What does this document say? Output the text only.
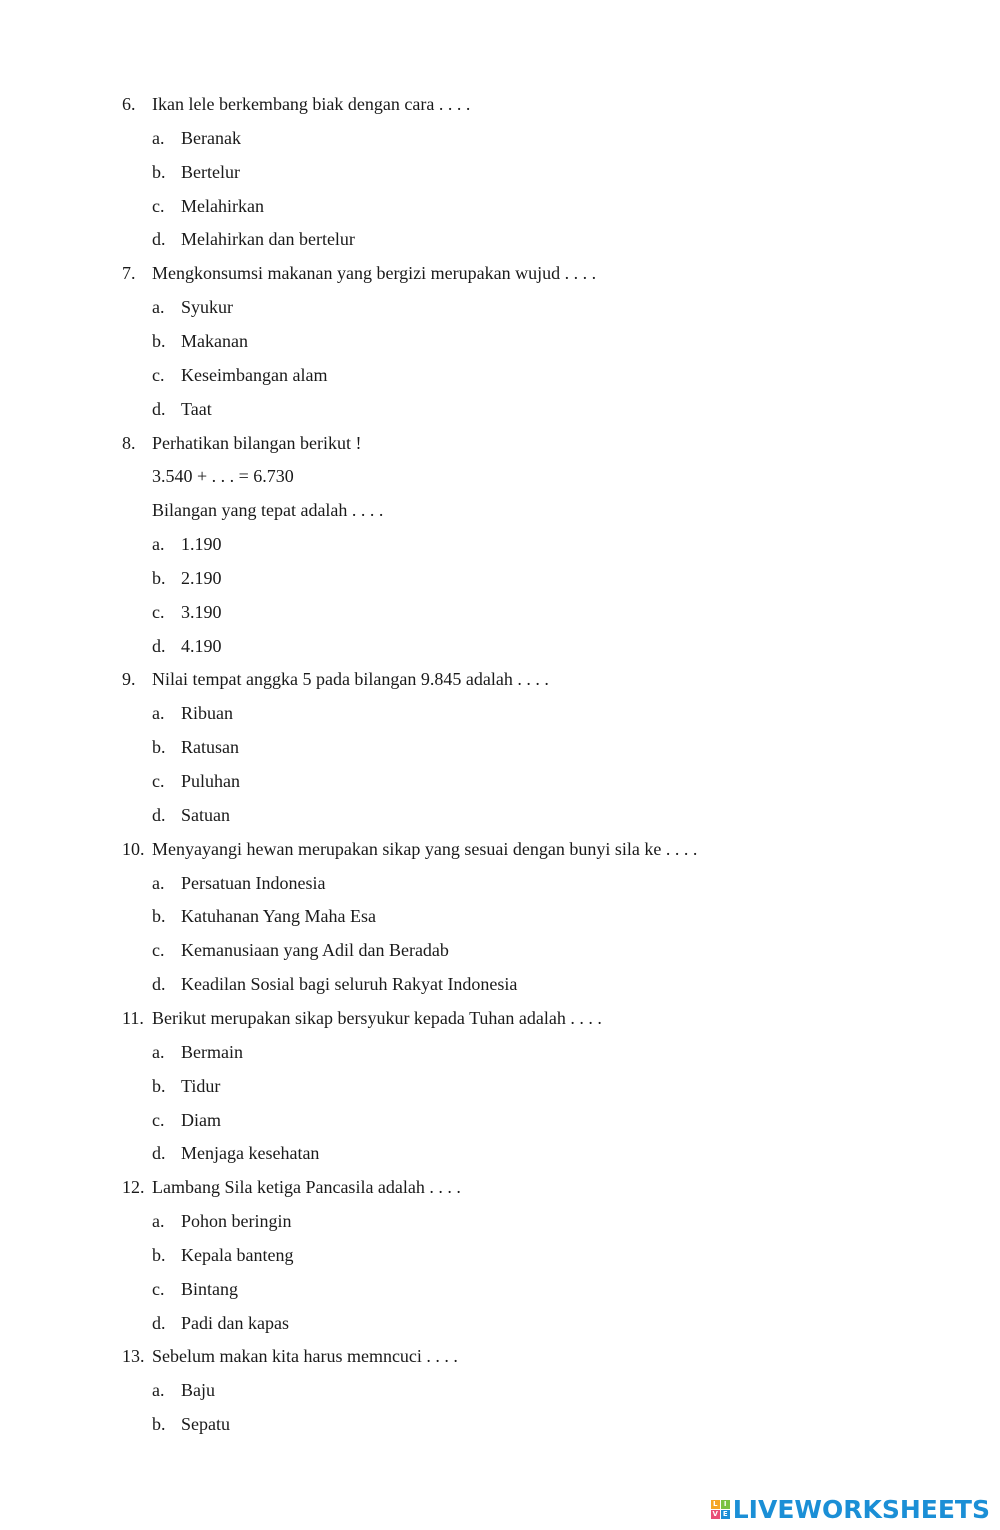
6. Ikan lele berkembang biak dengan cara . . . .
a. Beranak
b. Bertelur
c. Melahirkan
d. Melahirkan dan bertelur
7. Mengkonsumsi makanan yang bergizi merupakan wujud . . . .
a. Syukur
b. Makanan
c. Keseimbangan alam
d. Taat
8. Perhatikan bilangan berikut !
3.540 + . . . = 6.730
Bilangan yang tepat adalah . . . .
a. 1.190
b. 2.190
c. 3.190
d. 4.190
9. Nilai tempat anggka 5 pada bilangan 9.845 adalah . . . .
a. Ribuan
b. Ratusan
c. Puluhan
d. Satuan
10. Menyayangi hewan merupakan sikap yang sesuai dengan bunyi sila ke . . . .
a. Persatuan Indonesia
b. Katuhanan Yang Maha Esa
c. Kemanusiaan yang Adil dan Beradab
d. Keadilan Sosial bagi seluruh Rakyat Indonesia
11. Berikut merupakan sikap bersyukur kepada Tuhan adalah . . . .
a. Bermain
b. Tidur
c. Diam
d. Menjaga kesehatan
12. Lambang Sila ketiga Pancasila adalah . . . .
a. Pohon beringin
b. Kepala banteng
c. Bintang
d. Padi dan kapas
13. Sebelum makan kita harus memncuci . . . .
a. Baju
b. Sepatu
L I
V E LIVEWORKSHEETS
